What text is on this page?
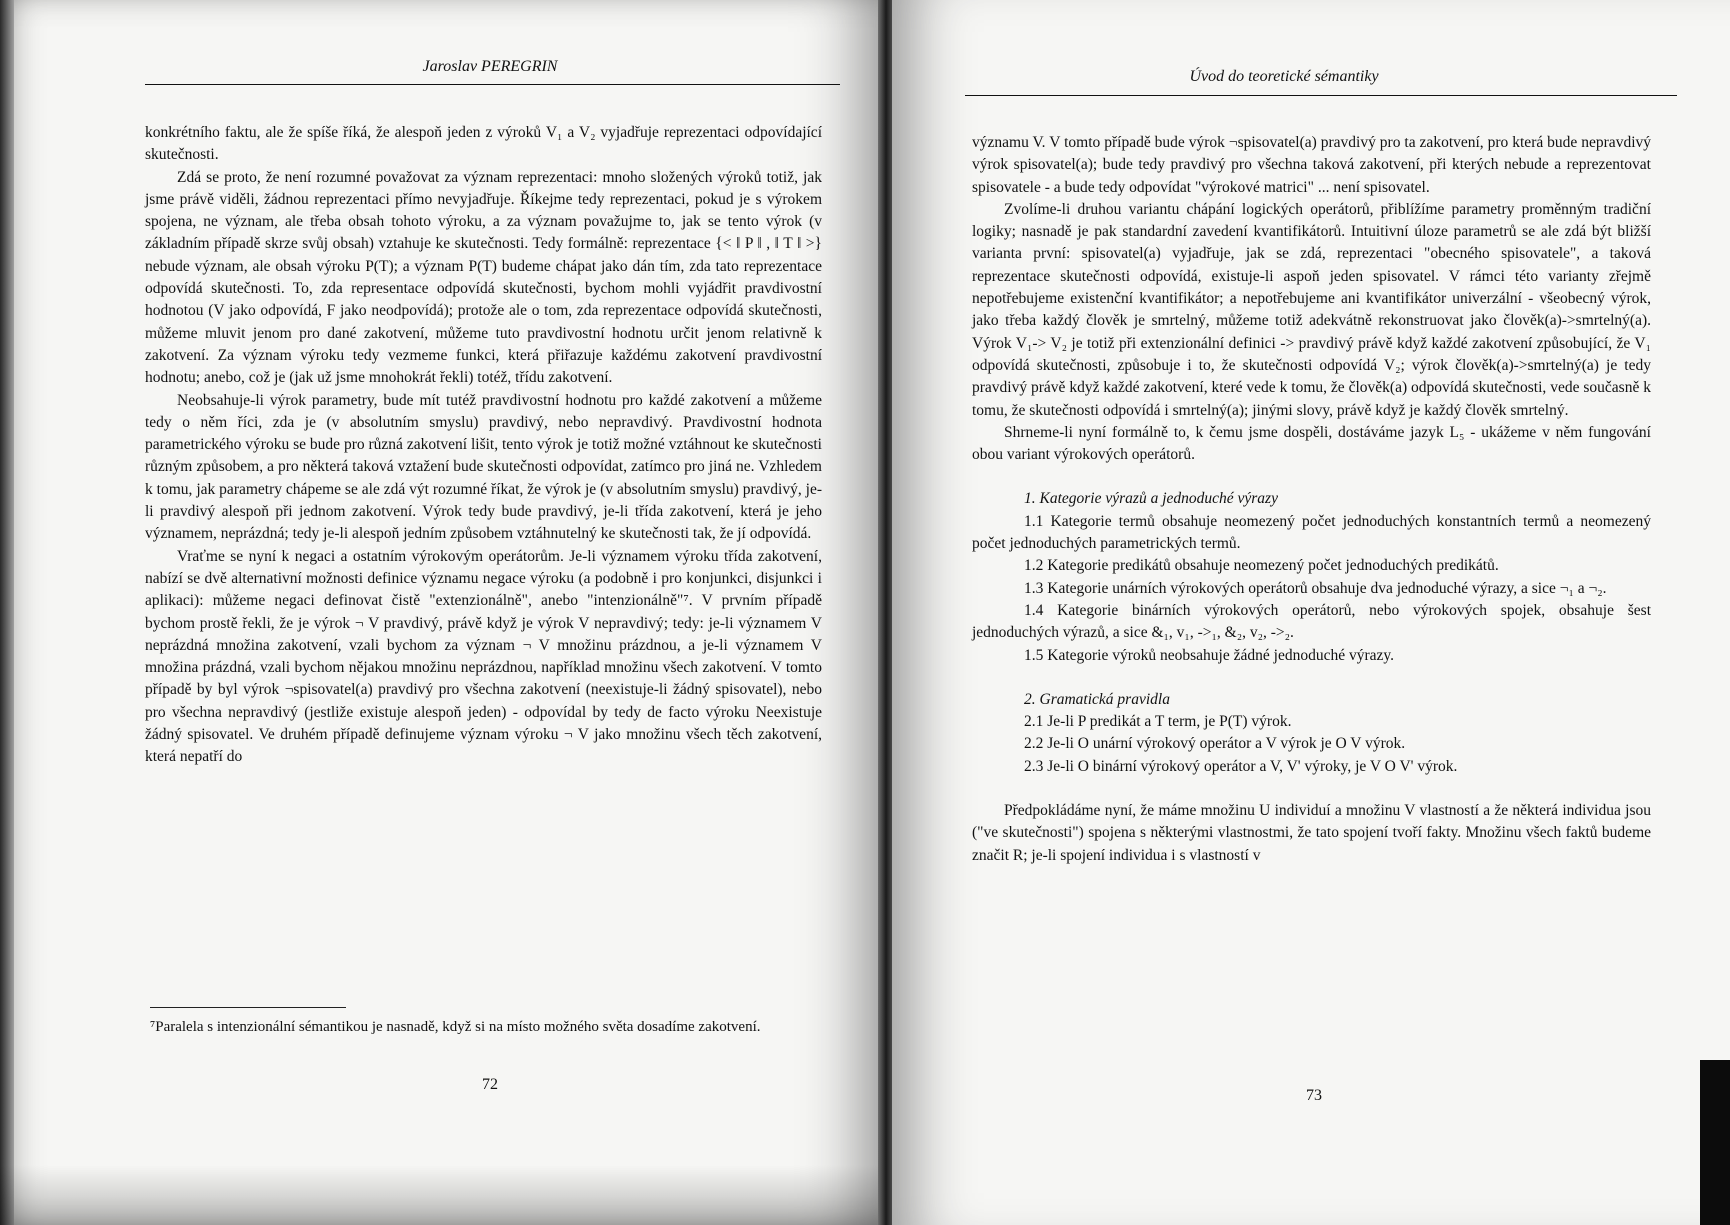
Jaroslav PEREGRIN

konkrétního faktu, ale že spíše říká, že alespoň jeden z výroků V₁ a V₂ vyjadřuje reprezentaci odpovídající skutečnosti.

Zdá se proto, že není rozumné považovat za význam reprezentaci: mnoho složených výroků totiž, jak jsme právě viděli, žádnou reprezentaci přímo nevyjadřuje. Říkejme tedy reprezentaci, pokud je s výrokem spojena, ne význam, ale třeba obsah tohoto výroku, a za význam považujme to, jak se tento výrok (v základním případě skrze svůj obsah) vztahuje ke skutečnosti. Tedy formálně: reprezentace {< ‖ P ‖ , ‖ T ‖ >} nebude význam, ale obsah výroku P(T); a význam P(T) budeme chápat jako dán tím, zda tato reprezentace odpovídá skutečnosti. To, zda representace odpovídá skutečnosti, bychom mohli vyjádřit pravdivostní hodnotou (V jako odpovídá, F jako neodpovídá); protože ale o tom, zda reprezentace odpovídá skutečnosti, můžeme mluvit jenom pro dané zakotvení, můžeme tuto pravdivostní hodnotu určit jenom relativně k zakotvení. Za význam výroku tedy vezmeme funkci, která přiřazuje každému zakotvení pravdivostní hodnotu; anebo, což je (jak už jsme mnohokrát řekli) totéž, třídu zakotvení.

Neobsahuje-li výrok parametry, bude mít tutéž pravdivostní hodnotu pro každé zakotvení a můžeme tedy o něm říci, zda je (v absolutním smyslu) pravdivý, nebo nepravdivý. Pravdivostní hodnota parametrického výroku se bude pro různá zakotvení lišit, tento výrok je totiž možné vztáhnout ke skutečnosti různým způsobem, a pro některá taková vztažení bude skutečnosti odpovídat, zatímco pro jiná ne. Vzhledem k tomu, jak parametry chápeme se ale zdá výt rozumné říkat, že výrok je (v absolutním smyslu) pravdivý, je-li pravdivý alespoň při jednom zakotvení. Výrok tedy bude pravdivý, je-li třída zakotvení, která je jeho významem, neprázdná; tedy je-li alespoň jedním způsobem vztáhnutelný ke skutečnosti tak, že jí odpovídá.

Vraťme se nyní k negaci a ostatním výrokovým operátorům. Je-li významem výroku třída zakotvení, nabízí se dvě alternativní možnosti definice významu negace výroku (a podobně i pro konjunkci, disjunkci i aplikaci): můžeme negaci definovat čistě "extenzionálně", anebo "intenzionálně"⁷. V prvním případě bychom prostě řekli, že je výrok ¬ V pravdivý, právě když je výrok V nepravdivý; tedy: je-li významem V neprázdná množina zakotvení, vzali bychom za význam ¬ V množinu prázdnou, a je-li významem V množina prázdná, vzali bychom nějakou množinu neprázdnou, například množinu všech zakotvení. V tomto případě by byl výrok ¬spisovatel(a) pravdivý pro všechna zakotvení (neexistuje-li žádný spisovatel), nebo pro všechna nepravdivý (jestliže existuje alespoň jeden) - odpovídal by tedy de facto výroku Neexistuje žádný spisovatel. Ve druhém případě definujeme význam výroku ¬ V jako množinu všech těch zakotvení, která nepatří do

⁷Paralela s intenzionální sémantikou je nasnadě, když si na místo možného světa dosadíme zakotvení.
72
Úvod do teoretické sémantiky

významu V. V tomto případě bude výrok ¬spisovatel(a) pravdivý pro ta zakotvení, pro která bude nepravdivý výrok spisovatel(a); bude tedy pravdivý pro všechna taková zakotvení, při kterých nebude a reprezentovat spisovatele - a bude tedy odpovídat "výrokové matrici" ... není spisovatel.

Zvolíme-li druhou variantu chápání logických operátorů, přiblížíme parametry proměnným tradiční logiky; nasnadě je pak standardní zavedení kvantifikátorů. Intuitivní úloze parametrů se ale zdá být bližší varianta první: spisovatel(a) vyjadřuje, jak se zdá, reprezentaci "obecného spisovatele", a taková reprezentace skutečnosti odpovídá, existuje-li aspoň jeden spisovatel. V rámci této varianty zřejmě nepotřebujeme existenční kvantifikátor; a nepotřebujeme ani kvantifikátor univerzální - všeobecný výrok, jako třeba každý člověk je smrtelný, můžeme totiž adekvátně rekonstruovat jako člověk(a)->smrtelný(a). Výrok V₁-> V₂ je totiž při extenzionální definici -> pravdivý právě když každé zakotvení způsobující, že V₁ odpovídá skutečnosti, způsobuje i to, že skutečnosti odpovídá V₂; výrok člověk(a)->smrtelný(a) je tedy pravdivý právě když každé zakotvení, které vede k tomu, že člověk(a) odpovídá skutečnosti, vede současně k tomu, že skutečnosti odpovídá i smrtelný(a); jinými slovy, právě když je každý člověk smrtelný.

Shrneme-li nyní formálně to, k čemu jsme dospěli, dostáváme jazyk L₅ - ukážeme v něm fungování obou variant výrokových operátorů.

1. Kategorie výrazů a jednoduché výrazy

1.1 Kategorie termů obsahuje neomezený počet jednoduchých konstantních termů a neomezený počet jednoduchých parametrických termů.

1.2 Kategorie predikátů obsahuje neomezený počet jednoduchých predikátů.

1.3 Kategorie unárních výrokových operátorů obsahuje dva jednoduché výrazy, a sice ¬₁ a ¬₂.

1.4 Kategorie binárních výrokových operátorů, nebo výrokových spojek, obsahuje šest jednoduchých výrazů, a sice &₁, v₁, ->₁, &₂, v₂, ->₂.

1.5 Kategorie výroků neobsahuje žádné jednoduché výrazy.

2. Gramatická pravidla

2.1 Je-li P predikát a T term, je P(T) výrok.

2.2 Je-li O unární výrokový operátor a V výrok je O V výrok.

2.3 Je-li O binární výrokový operátor a V, V' výroky, je V O V' výrok.

Předpokládáme nyní, že máme množinu U individuí a množinu V vlastností a že některá individua jsou ("ve skutečnosti") spojena s některými vlastnostmi, že tato spojení tvoří fakty. Množinu všech faktů budeme značit R; je-li spojení individua i s vlastností v

73
